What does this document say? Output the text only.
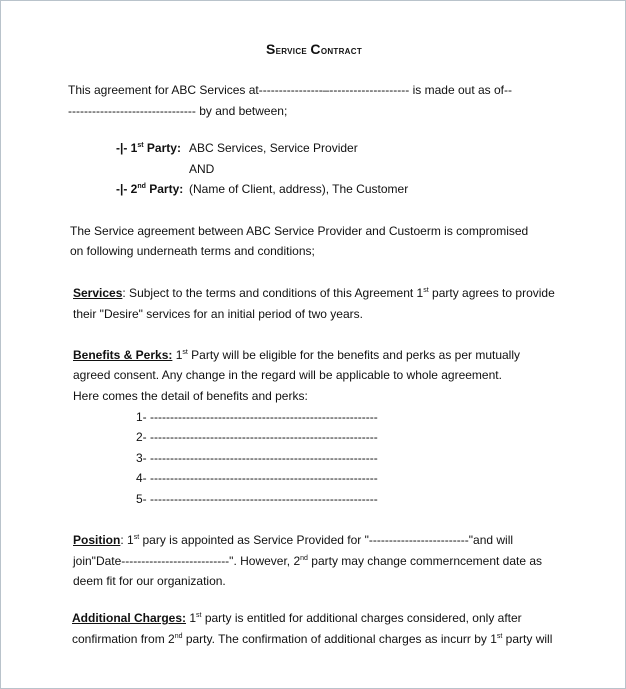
Service Contract
This agreement for ABC Services at----------------–-------------------- is made out as of--
-------------------------------- by and between;
-|- 1st Party: ABC Services, Service Provider
AND
-|- 2nd Party: (Name of Client, address), The Customer
The Service agreement between ABC Service Provider and Custoerm is compromised
on following underneath terms and conditions;
Services: Subject to the terms and conditions of this Agreement 1st party agrees to provide
their "Desire" services for an initial period of two years.
Benefits & Perks: 1st Party will be eligible for the benefits and perks as per mutually
agreed consent. Any change in the regard will be applicable to whole agreement.
Here comes the detail of benefits and perks:
1- ---------------------------------------------------------
2- ---------------------------------------------------------
3- ---------------------------------------------------------
4- ---------------------------------------------------------
5- ---------------------------------------------------------
Position: 1st pary is appointed as Service Provided for "-------------------------"and will
join"Date---------------------------". However, 2nd party may change commerncement date as
deem fit for our organization.
Additional Charges: 1st party is entitled for additional charges considered, only after
confirmation from 2nd party. The confirmation of additional charges as incurr by 1st party will
